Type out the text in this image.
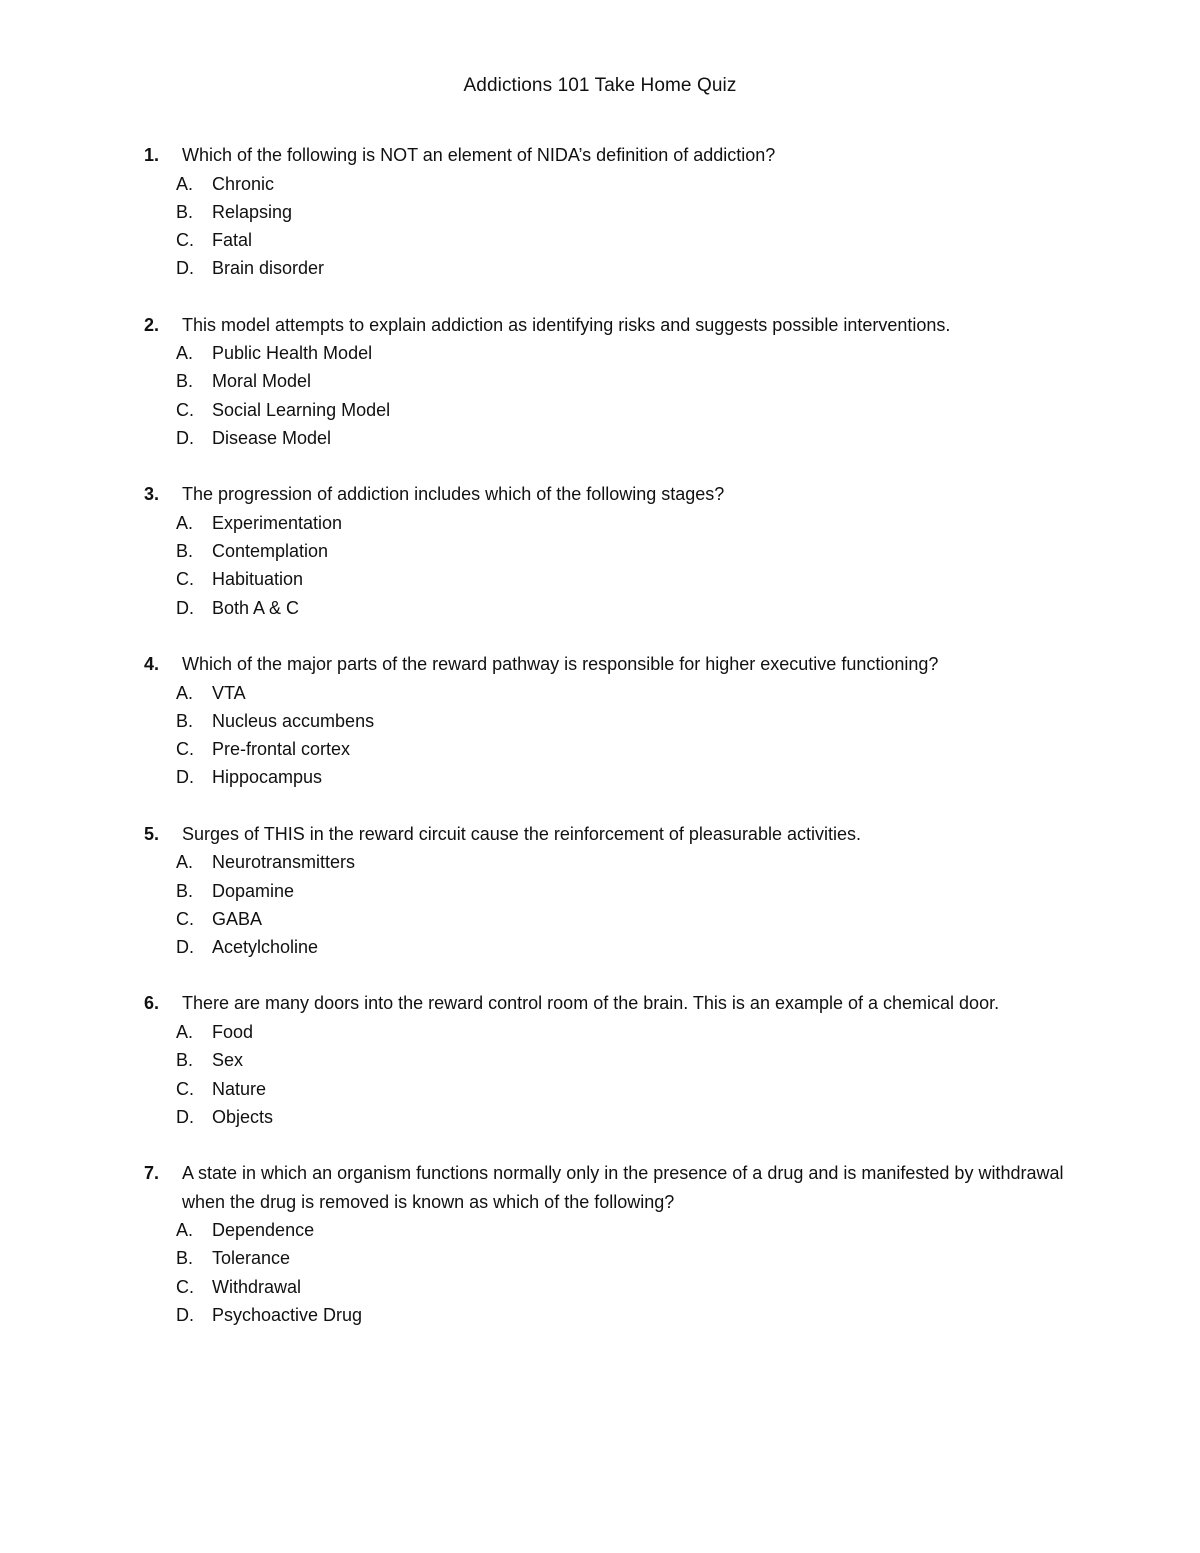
Addictions 101 Take Home Quiz
1.	Which of the following is NOT an element of NIDA’s definition of addiction?
A.	Chronic
B.	Relapsing
C.	Fatal
D.	Brain disorder
2.	This model attempts to explain addiction as identifying risks and suggests possible interventions.
A.	Public Health Model
B.	Moral Model
C.	Social Learning Model
D.	Disease Model
3.	The progression of addiction includes which of the following stages?
A.	Experimentation
B.	Contemplation
C.	Habituation
D.	Both A & C
4.	Which of the major parts of the reward pathway is responsible for higher executive functioning?
A.	VTA
B.	Nucleus accumbens
C.	Pre-frontal cortex
D.	Hippocampus
5.	Surges of THIS in the reward circuit cause the reinforcement of pleasurable activities.
A.	Neurotransmitters
B.	Dopamine
C.	GABA
D.	Acetylcholine
6.	There are many doors into the reward control room of the brain. This is an example of a chemical door.
A.	Food
B.	Sex
C.	Nature
D.	Objects
7.	A state in which an organism functions normally only in the presence of a drug and is manifested by withdrawal when the drug is removed is known as which of the following?
A.	Dependence
B.	Tolerance
C.	Withdrawal
D.	Psychoactive Drug
